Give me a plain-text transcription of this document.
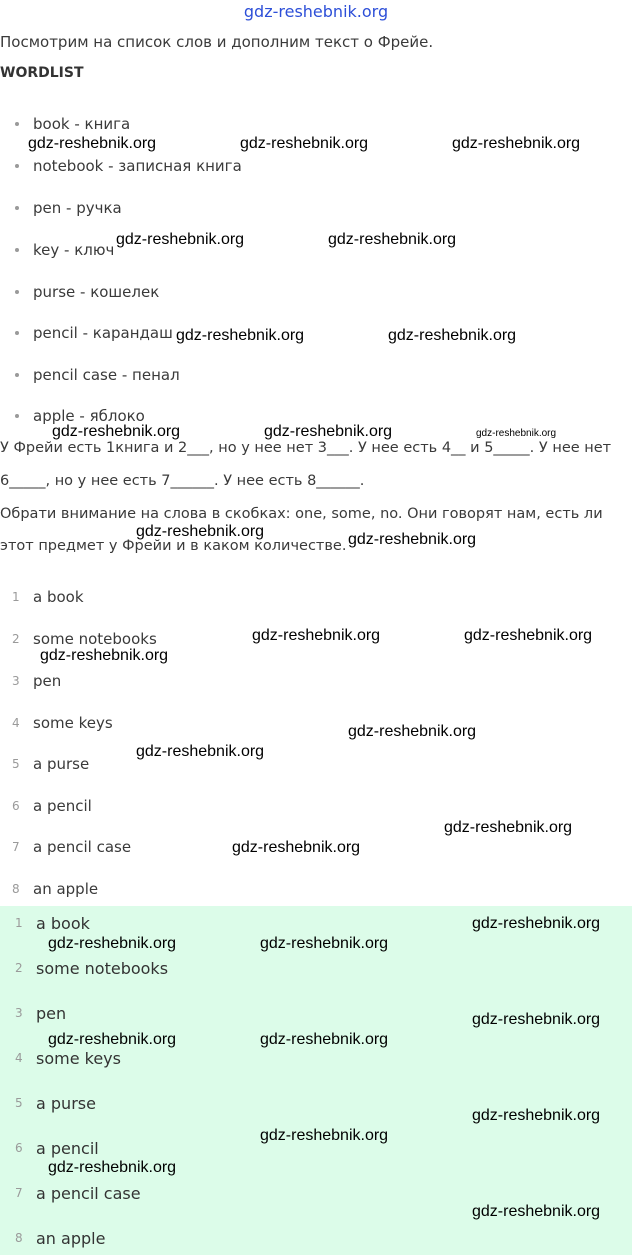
gdz-reshebnik.org
Посмотрим на список слов и дополним текст о Фрейе.
WORDLIST
book - книга
notebook - записная книга
pen - ручка
key - ключ
purse - кошелек
pencil - карандаш
pencil case - пенал
apple - яблоко
У Фрейи есть 1книга и 2___, но у нее нет 3___. У нее есть 4__ и 5_____. У нее нет
6_____, но у нее есть 7______. У нее есть 8______.
Обрати внимание на слова в скобках: one, some, no. Они говорят нам, есть ли
этот предмет у Фрейи и в каком количестве.
1 a book
2 some notebooks
3 pen
4 some keys
5 a purse
6 a pencil
7 a pencil case
8 an apple
1 a book
2 some notebooks
3 pen
4 some keys
5 a purse
6 a pencil
7 a pencil case
8 an apple
gdz-reshebnik.org	gdz-reshebnik.org	gdz-reshebnik.org
gdz-reshebnik.org	gdz-reshebnik.org
gdz-reshebnik.org	gdz-reshebnik.org
gdz-reshebnik.org	gdz-reshebnik.org	gdz-reshebnik.org
gdz-reshebnik.org	gdz-reshebnik.org
gdz-reshebnik.org	gdz-reshebnik.org
gdz-reshebnik.org
gdz-reshebnik.org
gdz-reshebnik.org
gdz-reshebnik.org
gdz-reshebnik.org
gdz-reshebnik.org
gdz-reshebnik.org	gdz-reshebnik.org
gdz-reshebnik.org
gdz-reshebnik.org	gdz-reshebnik.org
gdz-reshebnik.org
gdz-reshebnik.org
gdz-reshebnik.org
gdz-reshebnik.org
